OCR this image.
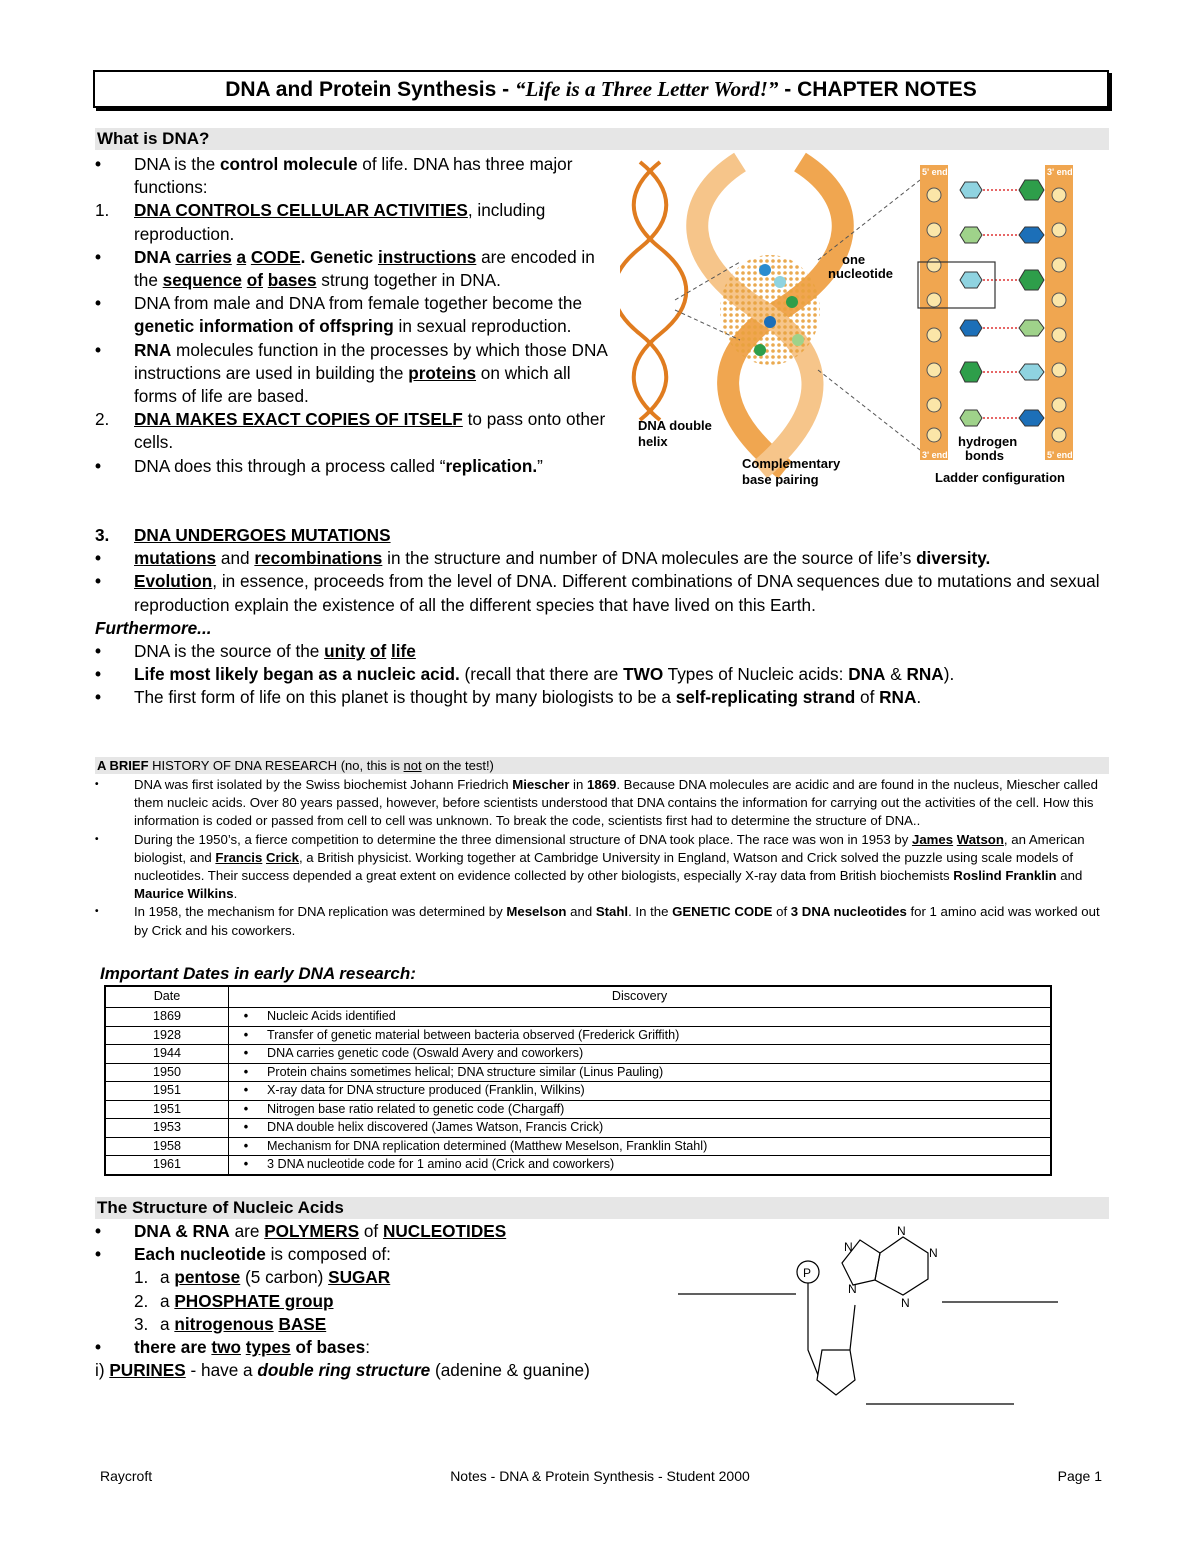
DNA and Protein Synthesis - “Life is a Three Letter Word!” - CHAPTER NOTES
What is DNA?
• DNA is the control molecule of life. DNA has three major functions:
1. DNA CONTROLS CELLULAR ACTIVITIES, including reproduction.
• DNA carries a CODE. Genetic instructions are encoded in the sequence of bases strung together in DNA.
• DNA from male and DNA from female together become the genetic information of offspring in sexual reproduction.
• RNA molecules function in the processes by which those DNA instructions are used in building the proteins on which all forms of life are based.
2. DNA MAKES EXACT COPIES OF ITSELF to pass onto other cells.
• DNA does this through a process called “replication.”
3. DNA UNDERGOES MUTATIONS
• mutations and recombinations in the structure and number of DNA molecules are the source of life’s diversity.
• Evolution, in essence, proceeds from the level of DNA. Different combinations of DNA sequences due to mutations and sexual reproduction explain the existence of all the different species that have lived on this Earth.
Furthermore...
• DNA is the source of the unity of life
• Life most likely began as a nucleic acid. (recall that there are TWO Types of Nucleic acids: DNA & RNA).
• The first form of life on this planet is thought by many biologists to be a self-replicating strand of RNA.
5' end	3' end
3' end	5' end
DNA double
helix
Complementary
base pairing
one
nucleotide
hydrogen
bonds
Ladder configuration
A BRIEF HISTORY OF DNA RESEARCH (no, this is not on the test!)
•	DNA was first isolated by the Swiss biochemist Johann Friedrich Miescher in 1869. Because DNA molecules are acidic and are found in the nucleus, Miescher called them nucleic acids. Over 80 years passed, however, before scientists understood that DNA contains the information for carrying out the activities of the cell. How this information is coded or passed from cell to cell was unknown. To break the code, scientists first had to determine the structure of DNA..
•	During the 1950’s, a fierce competition to determine the three dimensional structure of DNA took place. The race was won in 1953 by James Watson, an American biologist, and Francis Crick, a British physicist. Working together at Cambridge University in England, Watson and Crick solved the puzzle using scale models of nucleotides. Their success depended a great extent on evidence collected by other biologists, especially X-ray data from British biochemists Roslind Franklin and Maurice Wilkins.
•	In 1958, the mechanism for DNA replication was determined by Meselson and Stahl. In the GENETIC CODE of 3 DNA nucleotides for 1 amino acid was worked out by Crick and his coworkers.
Important Dates in early DNA research:
Date	Discovery	
1869	•	Nucleic Acids identified
1928	•	Transfer of genetic material between bacteria observed (Frederick Griffith)
1944	•	DNA carries genetic code (Oswald Avery and coworkers)
1950	•	Protein chains sometimes helical; DNA structure similar (Linus Pauling)
1951	•	X-ray data for DNA structure produced (Franklin, Wilkins)
1951	•	Nitrogen base ratio related to genetic code (Chargaff)
1953	•	DNA double helix discovered (James Watson, Francis Crick)
1958	•	Mechanism for DNA replication determined (Matthew Meselson, Franklin Stahl)
1961	•	3 DNA nucleotide code for 1 amino acid (Crick and coworkers)
The Structure of Nucleic Acids
• DNA & RNA are POLYMERS of NUCLEOTIDES
• Each nucleotide is composed of:
1. a pentose (5 carbon) SUGAR
2. a PHOSPHATE group
3. a nitrogenous BASE
• there are two types of bases:
i) PURINES - have a double ring structure (adenine & guanine)
P
N
N
N
N
N
Raycroft	Notes - DNA & Protein Synthesis - Student 2000	Page 1
